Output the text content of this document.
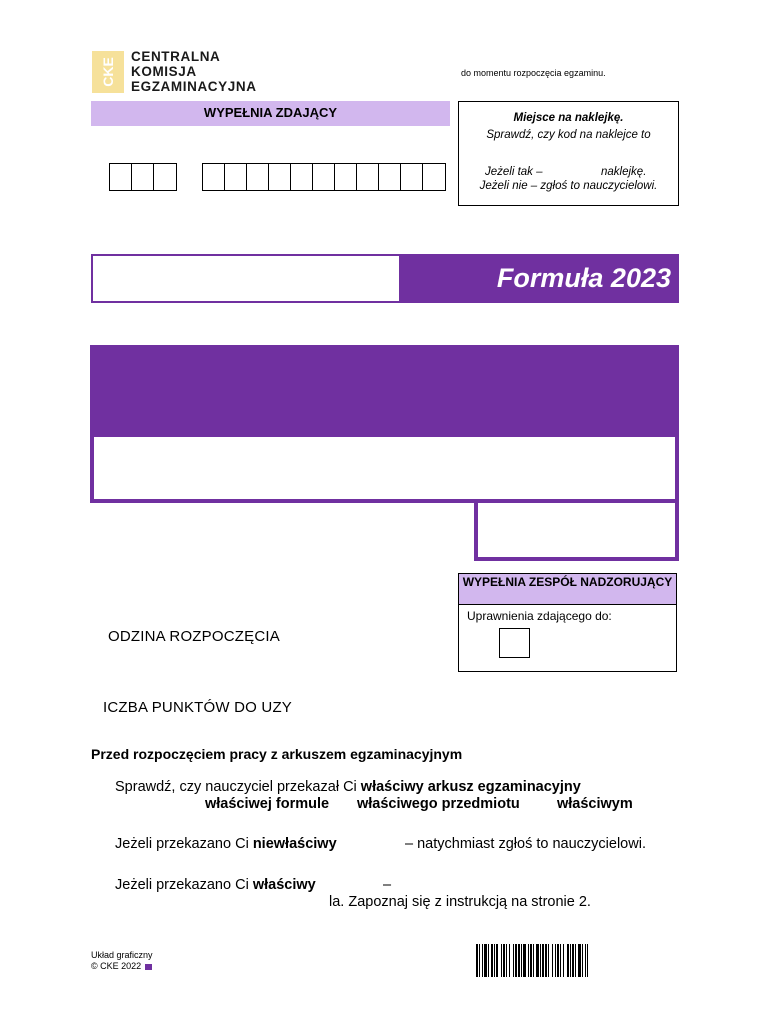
CKE
CENTRALNA
KOMISJA
EGZAMINACYJNA
do momentu rozpoczęcia egzaminu.
WYPEŁNIA ZDAJĄCY	Miejsce na naklejkę.
Sprawdź, czy kod na naklejce to
Jeżeli tak –	naklejkę.
Jeżeli nie – zgłoś to nauczycielowi.
Formuła 2023
WYPEŁNIA ZESPÓŁ NADZORUJĄCY
Uprawnienia zdającego do:
ODZINA ROZPOCZĘCIA
ICZBA PUNKTÓW DO UZY
Przed rozpoczęciem pracy z arkuszem egzaminacyjnym
Sprawdź, czy nauczyciel przekazał Ci właściwy arkusz egzaminacyjny
właściwej formule właściwego przedmiotu	właściwym
Jeżeli przekazano Ci niewłaściwy	– natychmiast zgłoś to nauczycielowi.
Jeżeli przekazano Ci właściwy	–
la. Zapoznaj się z instrukcją na stronie 2.
Układ graficzny
© CKE 2022
